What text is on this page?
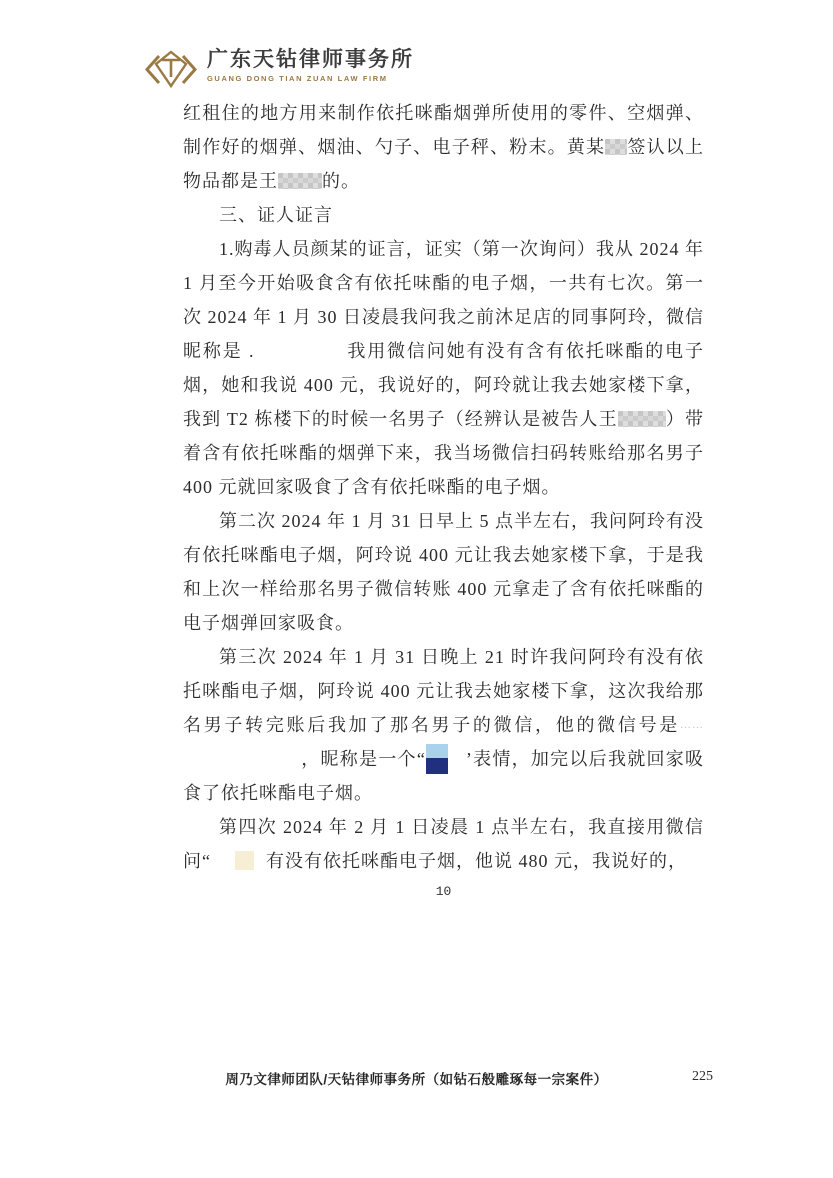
广东天钻律师事务所
GUANG DONG TIAN ZUAN LAW FIRM

红租住的地方用来制作依托咪酯烟弹所使用的零件、空烟弹、制作好的烟弹、烟油、勺子、电子秤、粉末。黄某 签认以上物品都是王 的。

三、证人证言

1.购毒人员颜某的证言，证实（第一次询问）我从 2024 年 1 月至今开始吸食含有依托味酯的电子烟，一共有七次。第一次 2024 年 1 月 30 日凌晨我问我之前沐足店的同事阿玲，微信昵称是 .	我用微信问她有没有含有依托咪酯的电子烟，她和我说 400 元，我说好的，阿玲就让我去她家楼下拿，我到 T2 栋楼下的时候一名男子（经辨认是被告人王	）带着含有依托咪酯的烟弹下来，我当场微信扫码转账给那名男子 400 元就回家吸食了含有依托咪酯的电子烟。

第二次 2024 年 1 月 31 日早上 5 点半左右，我问阿玲有没有依托咪酯电子烟，阿玲说 400 元让我去她家楼下拿，于是我和上次一样给那名男子微信转账 400 元拿走了含有依托咪酯的电子烟弹回家吸食。

第三次 2024 年 1 月 31 日晚上 21 时许我问阿玲有没有依托咪酯电子烟，阿玲说 400 元让我去她家楼下拿，这次我给那名男子转完账后我加了那名男子的微信，他的微信号是……，昵称是一个“ ’表情，加完以后我就回家吸食了依托咪酯电子烟。

第四次 2024 年 2 月 1 日凌晨 1 点半左右，我直接用微信问“	有没有依托咪酯电子烟，他说 480 元，我说好的，

10
周乃文律师团队/天钻律师事务所（如钻石般雕琢每一宗案件）	225
